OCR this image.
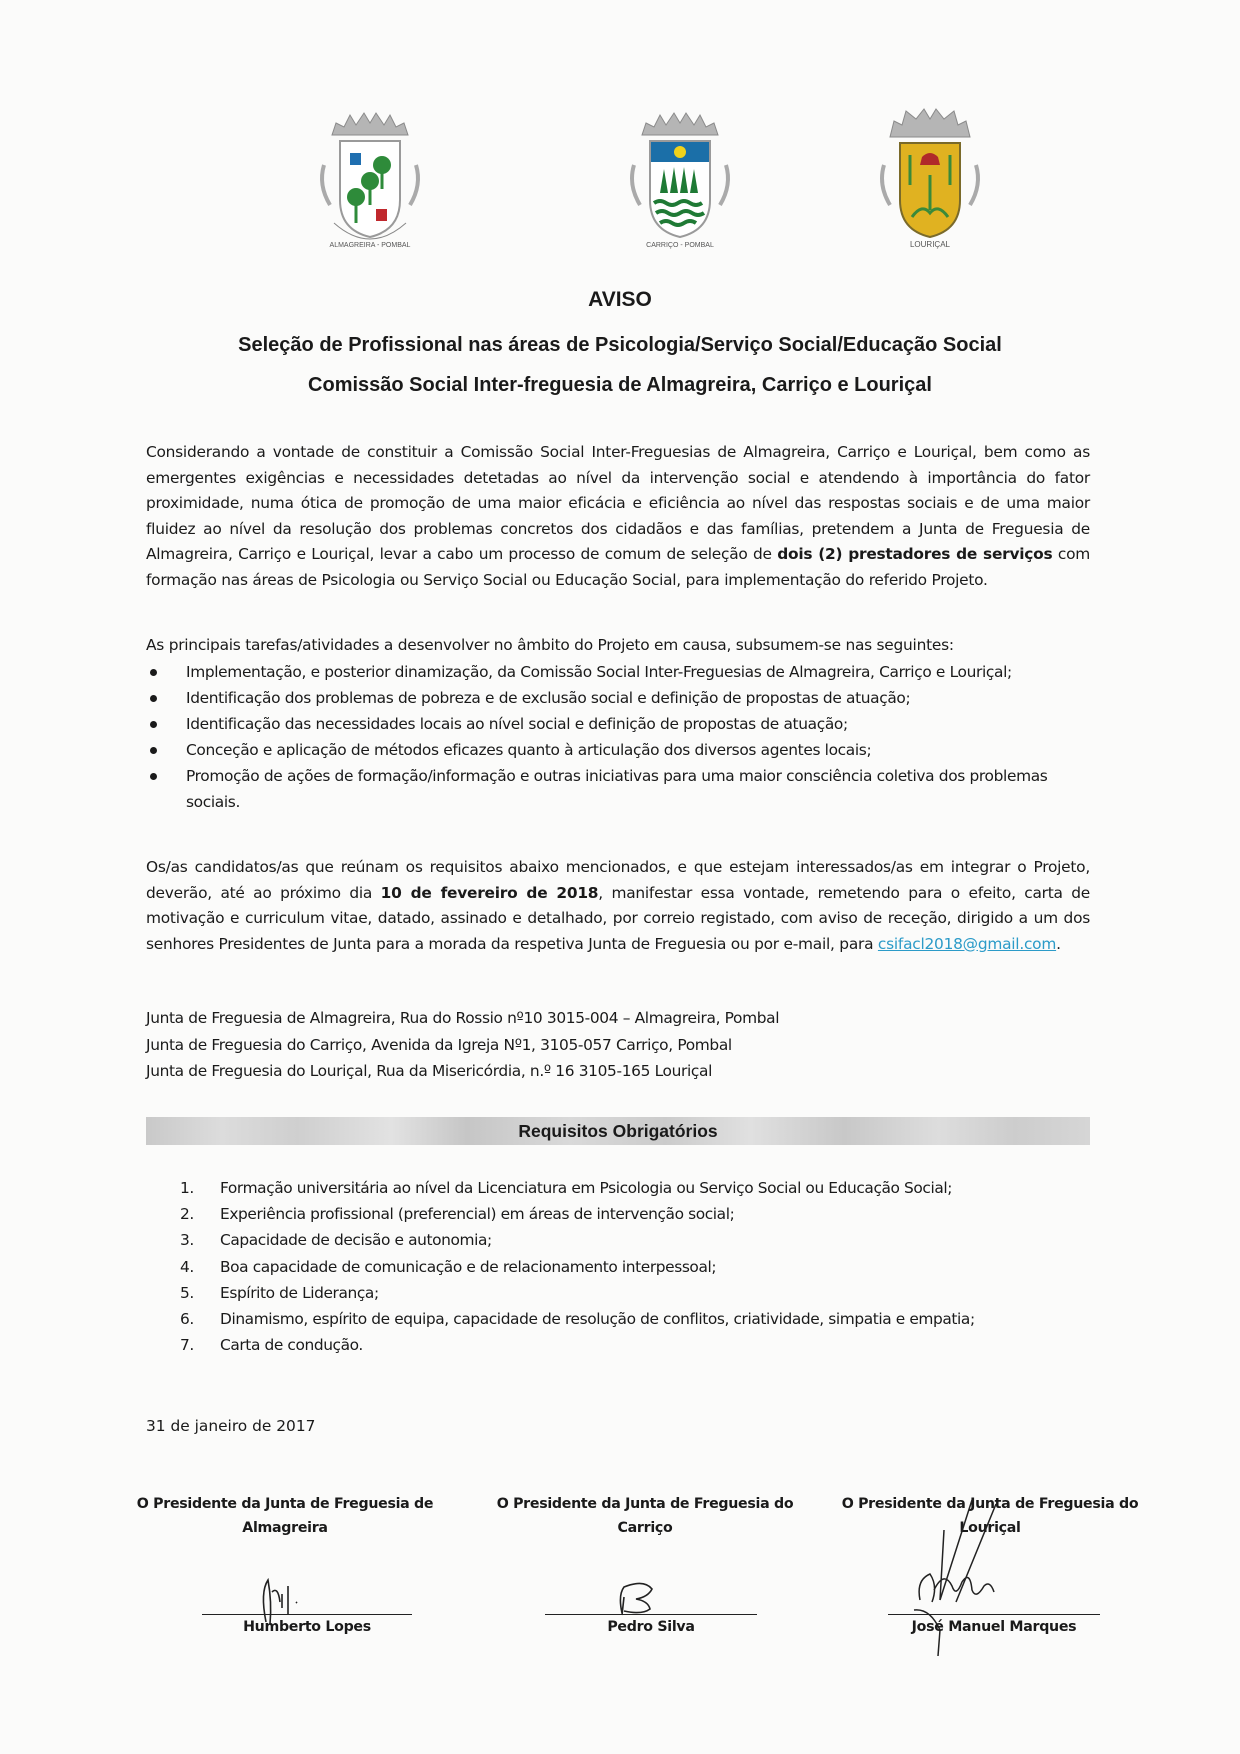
ALMAGREIRA - POMBAL	CARRIÇO - POMBAL	LOURIÇAL
AVISO
Seleção de Profissional nas áreas de Psicologia/Serviço Social/Educação Social
Comissão Social Inter-freguesia de Almagreira, Carriço e Louriçal
Considerando a vontade de constituir a Comissão Social Inter-Freguesias de Almagreira, Carriço e Louriçal, bem como as emergentes exigências e necessidades detetadas ao nível da intervenção social e atendendo à importância do fator proximidade, numa ótica de promoção de uma maior eficácia e eficiência ao nível das respostas sociais e de uma maior fluidez ao nível da resolução dos problemas concretos dos cidadãos e das famílias, pretendem a Junta de Freguesia de Almagreira, Carriço e Louriçal, levar a cabo um processo de comum de seleção de dois (2) prestadores de serviços com formação nas áreas de Psicologia ou Serviço Social ou Educação Social, para implementação do referido Projeto.
As principais tarefas/atividades a desenvolver no âmbito do Projeto em causa, subsumem-se nas seguintes:
Implementação, e posterior dinamização, da Comissão Social Inter-Freguesias de Almagreira, Carriço e Louriçal;
Identificação dos problemas de pobreza e de exclusão social e definição de propostas de atuação;
Identificação das necessidades locais ao nível social e definição de propostas de atuação;
Conceção e aplicação de métodos eficazes quanto à articulação dos diversos agentes locais;
Promoção de ações de formação/informação e outras iniciativas para uma maior consciência coletiva dos problemas sociais.
Os/as candidatos/as que reúnam os requisitos abaixo mencionados, e que estejam interessados/as em integrar o Projeto, deverão, até ao próximo dia 10 de fevereiro de 2018, manifestar essa vontade, remetendo para o efeito, carta de motivação e curriculum vitae, datado, assinado e detalhado, por correio registado, com aviso de receção, dirigido a um dos senhores Presidentes de Junta para a morada da respetiva Junta de Freguesia ou por e-mail, para csifacl2018@gmail.com.
Junta de Freguesia de Almagreira, Rua do Rossio nº10 3015-004 – Almagreira, Pombal
Junta de Freguesia do Carriço, Avenida da Igreja Nº1, 3105-057 Carriço, Pombal
Junta de Freguesia do Louriçal, Rua da Misericórdia, n.º 16 3105-165 Louriçal
Requisitos Obrigatórios
1. Formação universitária ao nível da Licenciatura em Psicologia ou Serviço Social ou Educação Social;
2. Experiência profissional (preferencial) em áreas de intervenção social;
3. Capacidade de decisão e autonomia;
4. Boa capacidade de comunicação e de relacionamento interpessoal;
5. Espírito de Liderança;
6. Dinamismo, espírito de equipa, capacidade de resolução de conflitos, criatividade, simpatia e empatia;
7. Carta de condução.
31 de janeiro de 2017
O Presidente da Junta de Freguesia de
Almagreira
O Presidente da Junta de Freguesia do
Carriço
O Presidente da Junta de Freguesia do
Louriçal
Humberto Lopes	Pedro Silva	José Manuel Marques
